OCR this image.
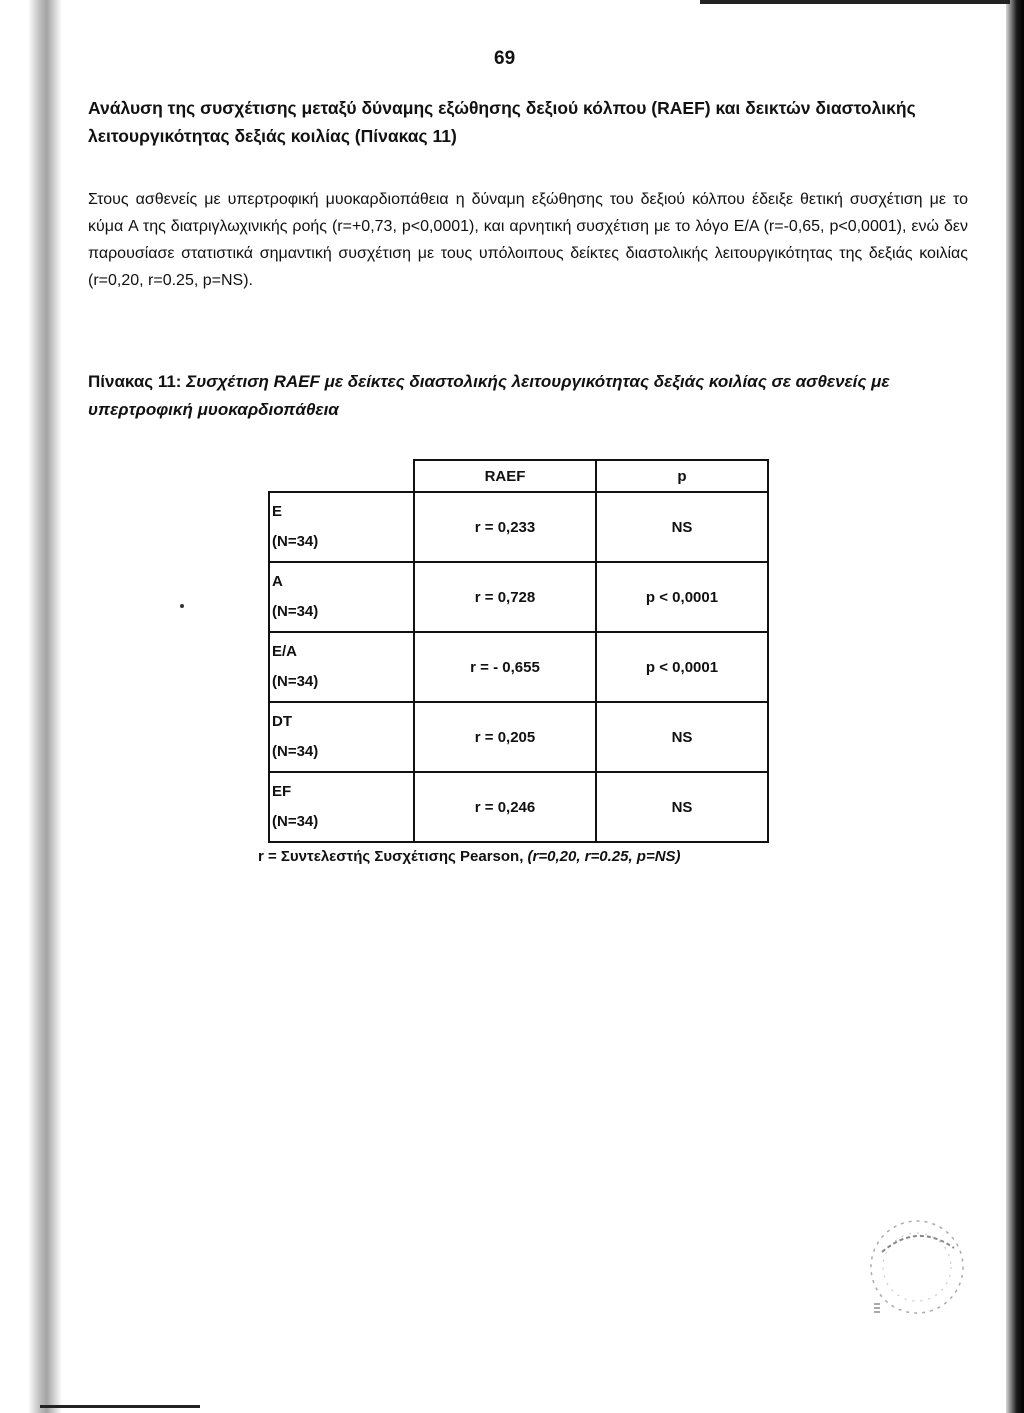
69
Ανάλυση της συσχέτισης μεταξύ δύναμης εξώθησης δεξιού κόλπου (RAEF) και δεικτών διαστολικής λειτουργικότητας δεξιάς κοιλίας (Πίνακας 11)
Στους ασθενείς με υπερτροφική μυοκαρδιοπάθεια η δύναμη εξώθησης του δεξιού κόλπου έδειξε θετική συσχέτιση με το κύμα A της διατριγλωχινικής ροής (r=+0,73, p<0,0001), και αρνητική συσχέτιση με το λόγο E/A (r=-0,65, p<0,0001), ενώ δεν παρουσίασε στατιστικά σημαντική συσχέτιση με τους υπόλοιπους δείκτες διαστολικής λειτουργικότητας της δεξιάς κοιλίας (r=0,20, r=0.25, p=NS).
Πίνακας 11: Συσχέτιση RAEF με δείκτες διαστολικής λειτουργικότητας δεξιάς κοιλίας σε ασθενείς με υπερτροφική μυοκαρδιοπάθεια
	RAEF	p

E
(N=34)	r = 0,233	NS

A
(N=34)	r = 0,728	p < 0,0001

E/A
(N=34)	r = - 0,655	p < 0,0001

DT
(N=34)	r = 0,205	NS

EF
(N=34)	r = 0,246	NS
r = Συντελεστής Συσχέτισης Pearson, (r=0,20, r=0.25, p=NS)
